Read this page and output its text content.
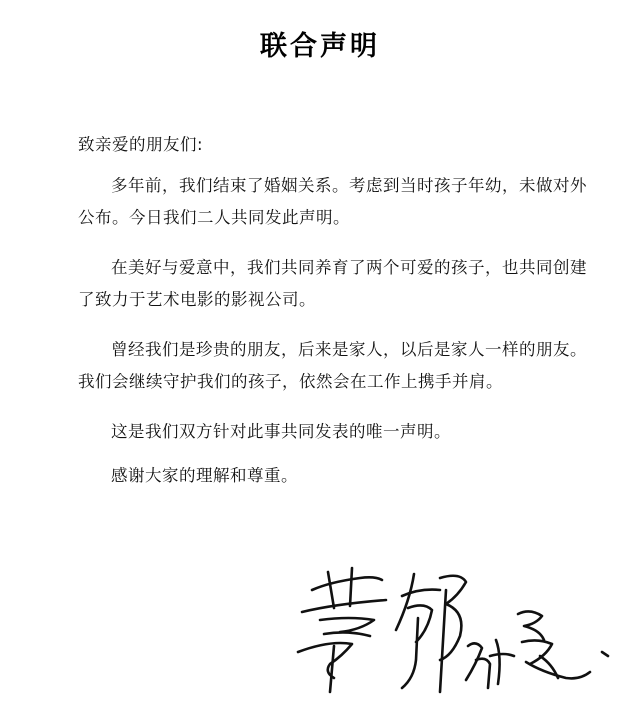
联合声明
致亲爱的朋友们:

多年前，我们结束了婚姻关系。考虑到当时孩子年幼，未做对外公布。今日我们二人共同发此声明。

在美好与爱意中，我们共同养育了两个可爱的孩子，也共同创建了致力于艺术电影的影视公司。

曾经我们是珍贵的朋友，后来是家人，以后是家人一样的朋友。我们会继续守护我们的孩子，依然会在工作上携手并肩。

这是我们双方针对此事共同发表的唯一声明。

感谢大家的理解和尊重。
